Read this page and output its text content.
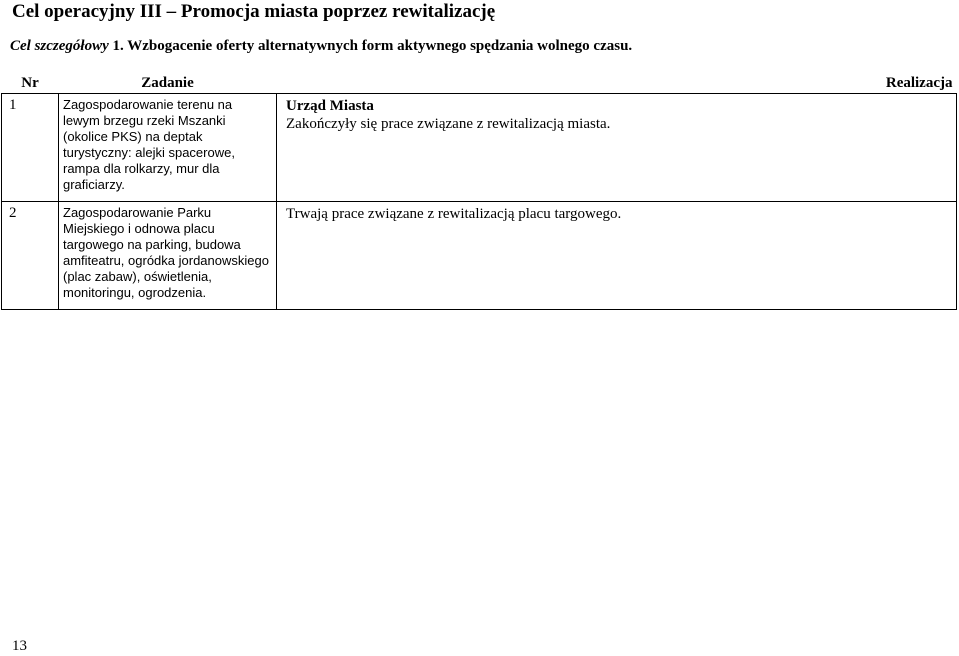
Cel operacyjny III – Promocja miasta poprzez rewitalizację

Cel szczegółowy 1. Wzbogacenie oferty alternatywnych form aktywnego spędzania wolnego czasu.

Nr	Zadanie	Realizacja
1	Zagospodarowanie terenu na lewym brzegu rzeki Mszanki (okolice PKS) na deptak turystyczny: alejki spacerowe, rampa dla rolkarzy, mur dla graficiarzy.	Urząd Miasta
Zakończyły się prace związane z rewitalizacją miasta.

2	Zagospodarowanie Parku Miejskiego i odnowa placu targowego na parking, budowa amfiteatru, ogródka jordanowskiego (plac zabaw), oświetlenia, monitoringu, ogrodzenia.	Trwają prace związane z rewitalizacją placu targowego.
13
